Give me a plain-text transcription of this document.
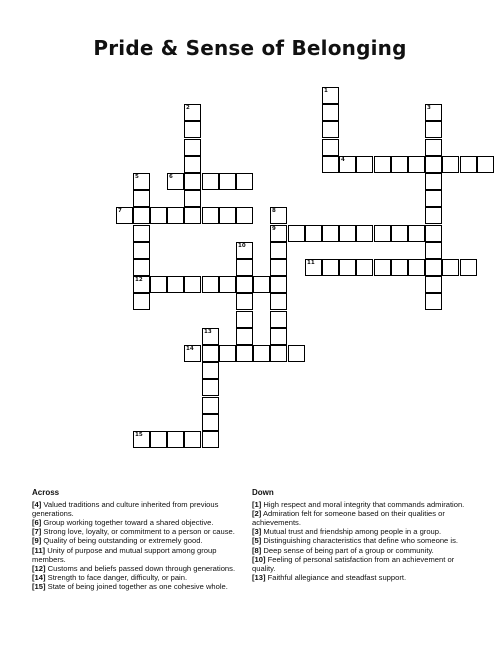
Pride & Sense of Belonging
1
2	3
4
5
12
6
7	8
9
10
11
13
14
15
Across

[4] Valued traditions and culture inherited from previous generations.

[6] Group working together toward a shared objective.

[7] Strong love, loyalty, or commitment to a person or cause.

[9] Quality of being outstanding or extremely good.

[11] Unity of purpose and mutual support among group members.

[12] Customs and beliefs passed down through generations.

[14] Strength to face danger, difficulty, or pain.

[15] State of being joined together as one cohesive whole.

Down

[1] High respect and moral integrity that commands admiration.

[2] Admiration felt for someone based on their qualities or achievements.

[3] Mutual trust and friendship among people in a group.

[5] Distinguishing characteristics that define who someone is.

[8] Deep sense of being part of a group or community.

[10] Feeling of personal satisfaction from an achievement or quality.

[13] Faithful allegiance and steadfast support.
